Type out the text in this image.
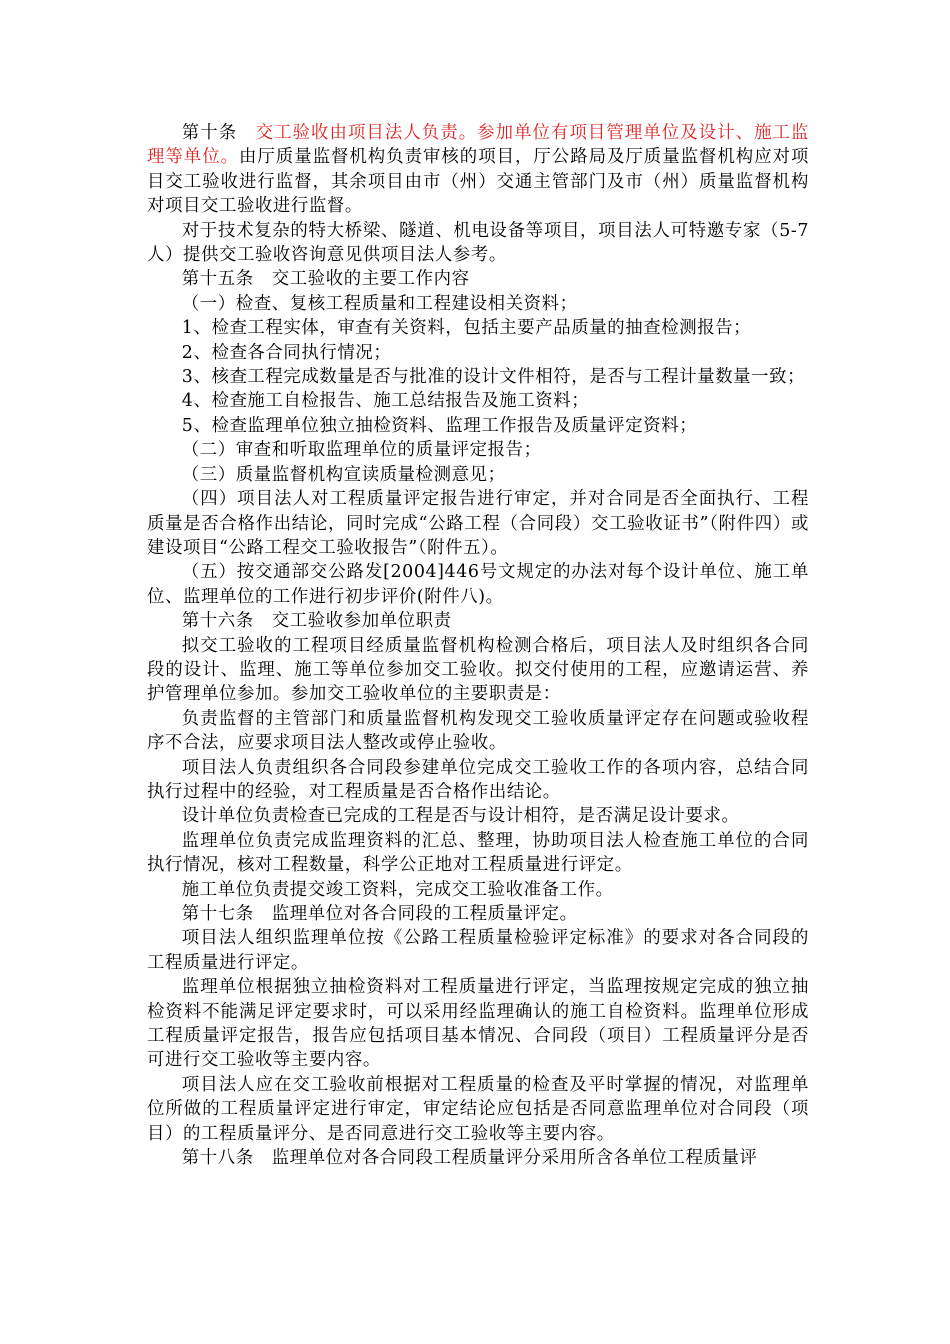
第十条　 交工验收由项目法人负责。参加单位有项目管理单位及设计、施工监理等单位。由厅质量监督机构负责审核的项目，厅公路局及厅质量监督机构应对项目交工验收进行监督，其余项目由市（州）交通主管部门及市（州）质量监督机构对项目交工验收进行监督。

对于技术复杂的特大桥梁、隧道、机电设备等项目，项目法人可特邀专家（5-7人）提供交工验收咨询意见供项目法人参考。

第十五条　交工验收的主要工作内容

（一）检查、复核工程质量和工程建设相关资料；

1、检查工程实体，审查有关资料，包括主要产品质量的抽查检测报告；

2、检查各合同执行情况；

3、核查工程完成数量是否与批准的设计文件相符，是否与工程计量数量一致；

4、检查施工自检报告、施工总结报告及施工资料；

5、检查监理单位独立抽检资料、监理工作报告及质量评定资料；

（二）审查和听取监理单位的质量评定报告；

（三）质量监督机构宣读质量检测意见；

（四）项目法人对工程质量评定报告进行审定，并对合同是否全面执行、工程质量是否合格作出结论，同时完成“公路工程（合同段）交工验收证书”（附件四）或建设项目“公路工程交工验收报告”（附件五）。

（五）按交通部交公路发[2004]446号文规定的办法对每个设计单位、施工单位、监理单位的工作进行初步评价(附件八)。

第十六条　交工验收参加单位职责

拟交工验收的工程项目经质量监督机构检测合格后，项目法人及时组织各合同段的设计、监理、施工等单位参加交工验收。拟交付使用的工程，应邀请运营、养护管理单位参加。参加交工验收单位的主要职责是：

负责监督的主管部门和质量监督机构发现交工验收质量评定存在问题或验收程序不合法，应要求项目法人整改或停止验收。

项目法人负责组织各合同段参建单位完成交工验收工作的各项内容，总结合同执行过程中的经验，对工程质量是否合格作出结论。

设计单位负责检查已完成的工程是否与设计相符，是否满足设计要求。

监理单位负责完成监理资料的汇总、整理，协助项目法人检查施工单位的合同执行情况，核对工程数量，科学公正地对工程质量进行评定。

施工单位负责提交竣工资料，完成交工验收准备工作。

第十七条　监理单位对各合同段的工程质量评定。

项目法人组织监理单位按《公路工程质量检验评定标准》的要求对各合同段的工程质量进行评定。

监理单位根据独立抽检资料对工程质量进行评定，当监理按规定完成的独立抽检资料不能满足评定要求时，可以采用经监理确认的施工自检资料。监理单位形成工程质量评定报告，报告应包括项目基本情况、合同段（项目）工程质量评分是否可进行交工验收等主要内容。

项目法人应在交工验收前根据对工程质量的检查及平时掌握的情况，对监理单位所做的工程质量评定进行审定，审定结论应包括是否同意监理单位对合同段（项目）的工程质量评分、是否同意进行交工验收等主要内容。

第十八条　监理单位对各合同段工程质量评分采用所含各单位工程质量评
